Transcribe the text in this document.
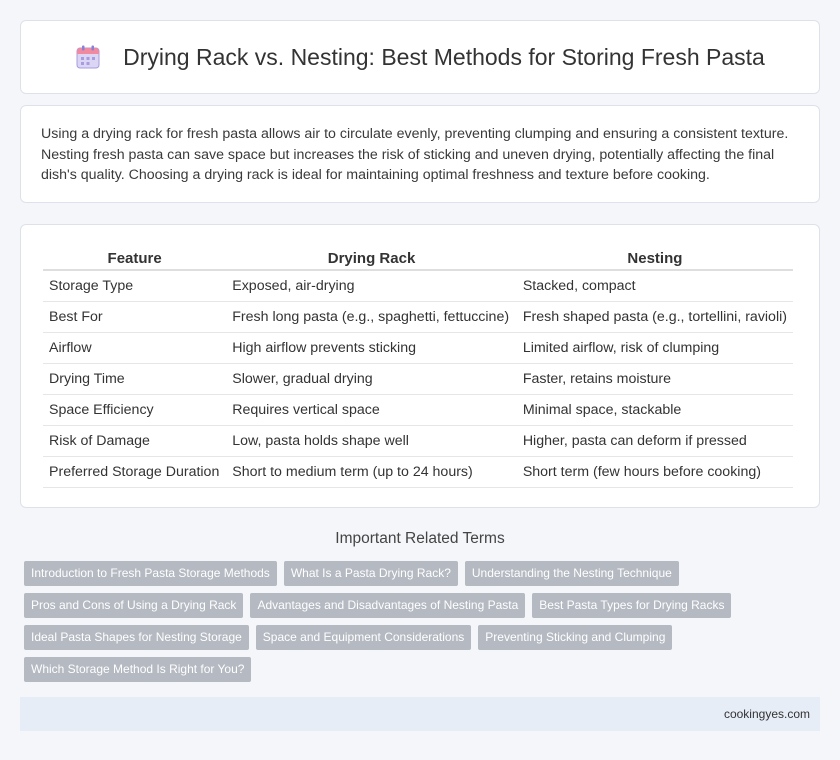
Drying Rack vs. Nesting: Best Methods for Storing Fresh Pasta

Using a drying rack for fresh pasta allows air to circulate evenly, preventing clumping and ensuring a consistent texture. Nesting fresh pasta can save space but increases the risk of sticking and uneven drying, potentially affecting the final dish's quality. Choosing a drying rack is ideal for maintaining optimal freshness and texture before cooking.

Feature	Drying Rack	Nesting
Storage Type	Exposed, air-drying	Stacked, compact
Best For	Fresh long pasta (e.g., spaghetti, fettuccine)	Fresh shaped pasta (e.g., tortellini, ravioli)
Airflow	High airflow prevents sticking	Limited airflow, risk of clumping
Drying Time	Slower, gradual drying	Faster, retains moisture
Space Efficiency	Requires vertical space	Minimal space, stackable
Risk of Damage	Low, pasta holds shape well	Higher, pasta can deform if pressed
Preferred Storage Duration	Short to medium term (up to 24 hours)	Short term (few hours before cooking)
Important Related Terms
Introduction to Fresh Pasta Storage Methods	What Is a Pasta Drying Rack?	Understanding the Nesting Technique
Pros and Cons of Using a Drying Rack	Advantages and Disadvantages of Nesting Pasta	Best Pasta Types for Drying Racks
Ideal Pasta Shapes for Nesting Storage	Space and Equipment Considerations	Preventing Sticking and Clumping
Which Storage Method Is Right for You?
cookingyes.com
